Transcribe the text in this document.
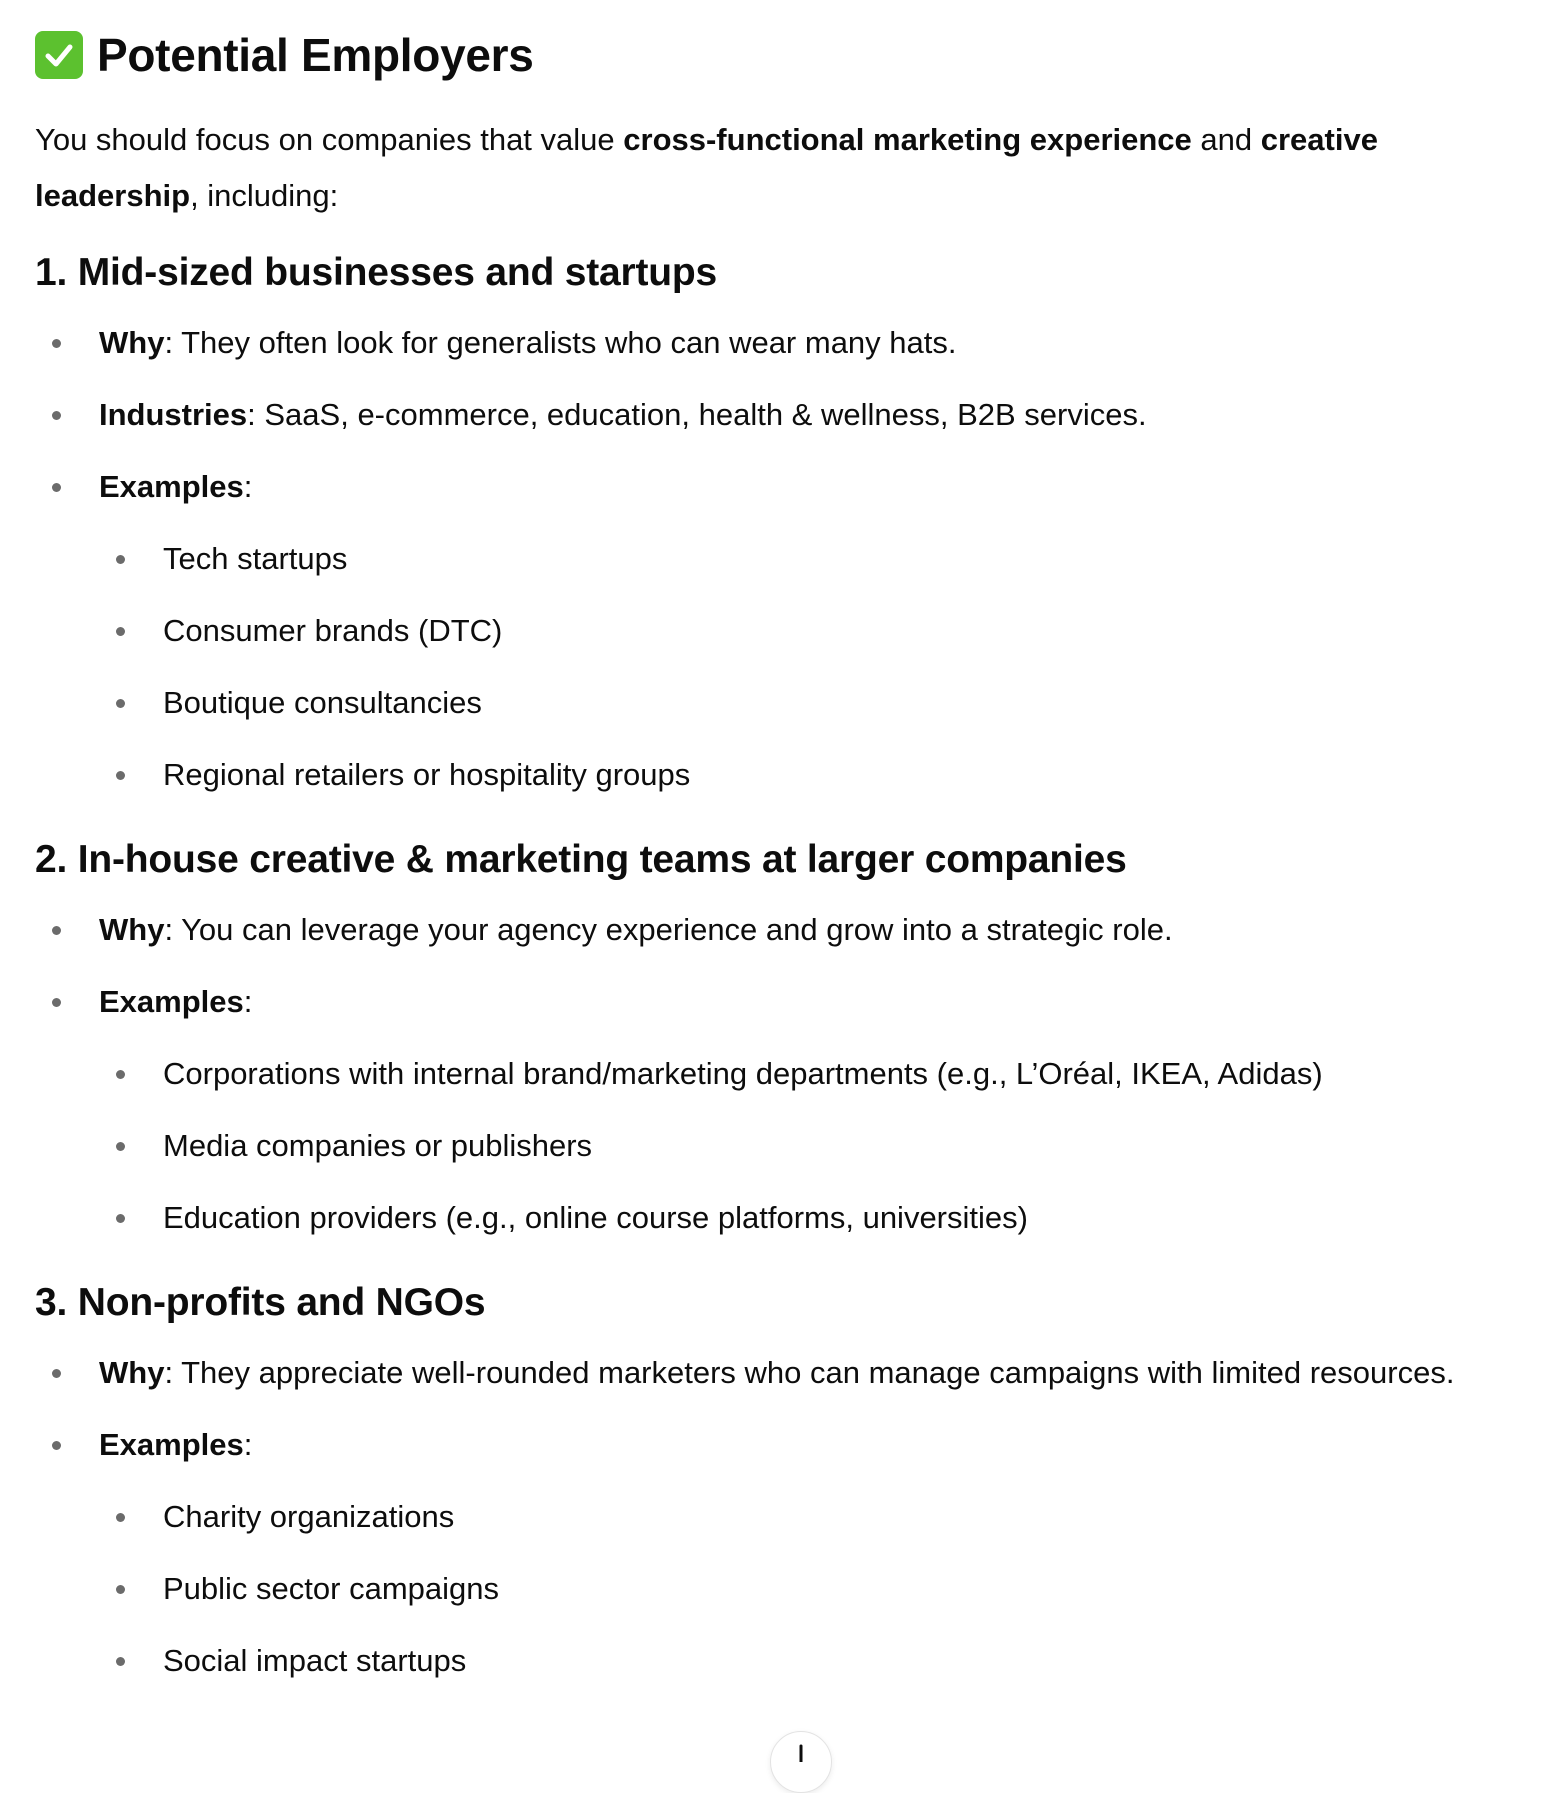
Potential Employers

You should focus on companies that value cross-functional marketing experience and creative leadership, including:

1. Mid-sized businesses and startups
Why: They often look for generalists who can wear many hats.
Industries: SaaS, e-commerce, education, health & wellness, B2B services.
Examples:
Tech startups
Consumer brands (DTC)
Boutique consultancies
Regional retailers or hospitality groups
2. In-house creative & marketing teams at larger companies
Why: You can leverage your agency experience and grow into a strategic role.
Examples:
Corporations with internal brand/marketing departments (e.g., L’Oréal, IKEA, Adidas)
Media companies or publishers
Education providers (e.g., online course platforms, universities)
3. Non-profits and NGOs
Why: They appreciate well-rounded marketers who can manage campaigns with limited resources.
Examples:
Charity organizations
Public sector campaigns
Social impact startups
